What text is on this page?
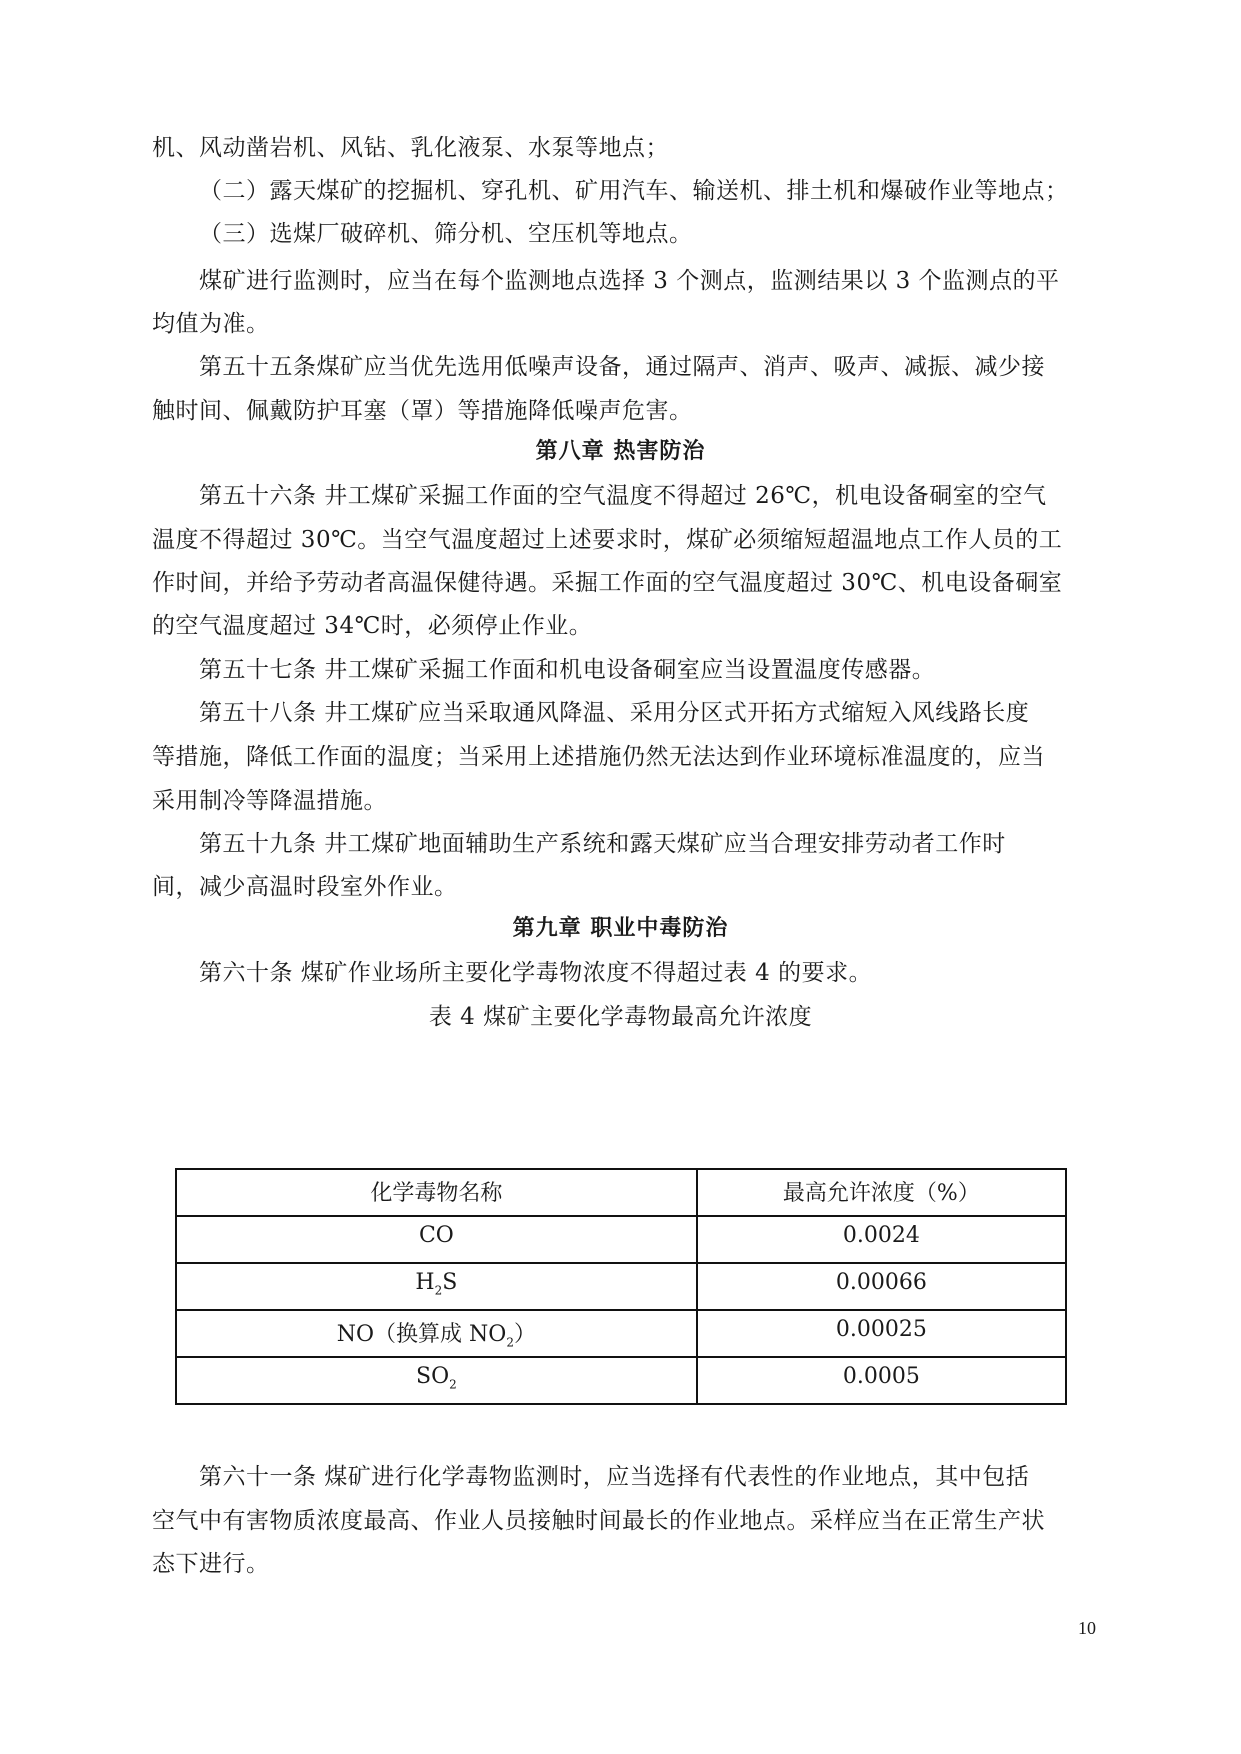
机、风动凿岩机、风钻、乳化液泵、水泵等地点；
（二）露天煤矿的挖掘机、穿孔机、矿用汽车、输送机、排土机和爆破作业等地点；
（三）选煤厂破碎机、筛分机、空压机等地点。
煤矿进行监测时，应当在每个监测地点选择 3 个测点，监测结果以 3 个监测点的平
均值为准。
第五十五条煤矿应当优先选用低噪声设备，通过隔声、消声、吸声、减振、减少接
触时间、佩戴防护耳塞（罩）等措施降低噪声危害。
第八章 热害防治
第五十六条 井工煤矿采掘工作面的空气温度不得超过 26℃，机电设备硐室的空气
温度不得超过 30℃。当空气温度超过上述要求时，煤矿必须缩短超温地点工作人员的工
作时间，并给予劳动者高温保健待遇。采掘工作面的空气温度超过 30℃、机电设备硐室
的空气温度超过 34℃时，必须停止作业。
第五十七条 井工煤矿采掘工作面和机电设备硐室应当设置温度传感器。
第五十八条 井工煤矿应当采取通风降温、采用分区式开拓方式缩短入风线路长度
等措施，降低工作面的温度；当采用上述措施仍然无法达到作业环境标准温度的，应当
采用制冷等降温措施。
第五十九条 井工煤矿地面辅助生产系统和露天煤矿应当合理安排劳动者工作时
间，减少高温时段室外作业。
第九章 职业中毒防治
第六十条 煤矿作业场所主要化学毒物浓度不得超过表 4 的要求。
表 4 煤矿主要化学毒物最高允许浓度
化学毒物名称	最高允许浓度（%）
CO	0.0024
$H_2S$	0.00066
NO（换算成 $NO_2$）	0.00025
$SO_2$	0.0005
第六十一条 煤矿进行化学毒物监测时，应当选择有代表性的作业地点，其中包括
空气中有害物质浓度最高、作业人员接触时间最长的作业地点。采样应当在正常生产状
态下进行。
10
